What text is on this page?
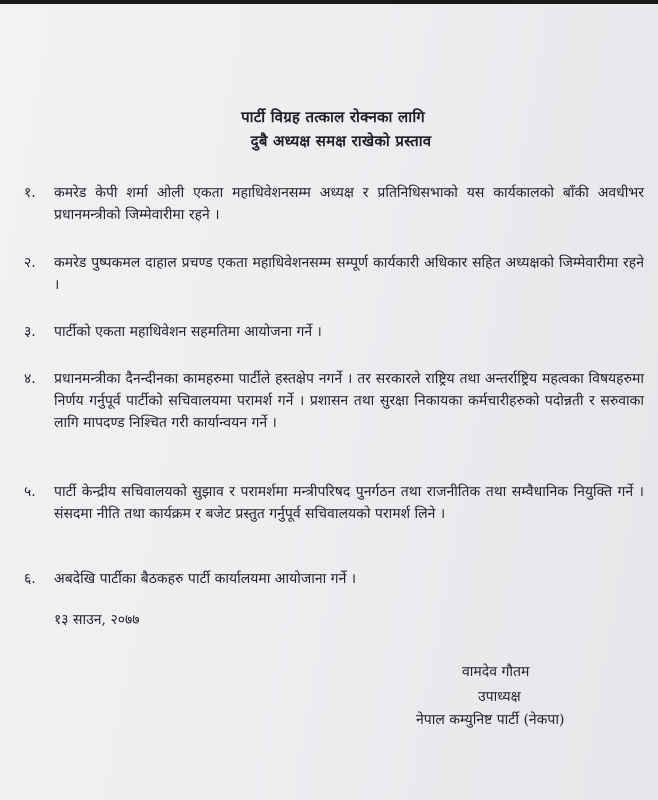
पार्टी विग्रह तत्काल रोक्नका लागि
दुबै अध्यक्ष समक्ष राखेको प्रस्ताव
१. कमरेड केपी शर्मा ओली एकता महाधिवेशनसम्म अध्यक्ष र प्रतिनिधिसभाको यस कार्यकालको बाँकी अवधीभर प्रधानमन्त्रीको जिम्मेवारीमा रहने ।
२. कमरेड पुष्पकमल दाहाल प्रचण्ड एकता महाधिवेशनसम्म सम्पूर्ण कार्यकारी अधिकार सहित अध्यक्षको जिम्मेवारीमा रहने ।
३. पार्टीको एकता महाधिवेशन सहमतिमा आयोजना गर्ने ।
४. प्रधानमन्त्रीका दैनन्दीनका कामहरुमा पार्टीले हस्तक्षेप नगर्ने । तर सरकारले राष्ट्रिय तथा अन्तर्राष्ट्रिय महत्वका विषयहरुमा निर्णय गर्नुपूर्व पार्टीको सचिवालयमा परामर्श गर्ने । प्रशासन तथा सुरक्षा निकायका कर्मचारीहरुको पदोन्नती र सरुवाका लागि मापदण्ड निश्चित गरी कार्यान्वयन गर्ने ।
५. पार्टी केन्द्रीय सचिवालयको सुझाव र परामर्शमा मन्त्रीपरिषद पुनर्गठन तथा राजनीतिक तथा सम्वैधानिक नियुक्ति गर्ने । संसदमा नीति तथा कार्यक्रम र बजेट प्रस्तुत गर्नुपूर्व सचिवालयको परामर्श लिने ।
६. अबदेखि पार्टीका बैठकहरु पार्टी कार्यालयमा आयोजाना गर्ने ।
१३ साउन, २०७७
वामदेव गौतम
उपाध्यक्ष
नेपाल कम्युनिष्ट पार्टी (नेकपा)
